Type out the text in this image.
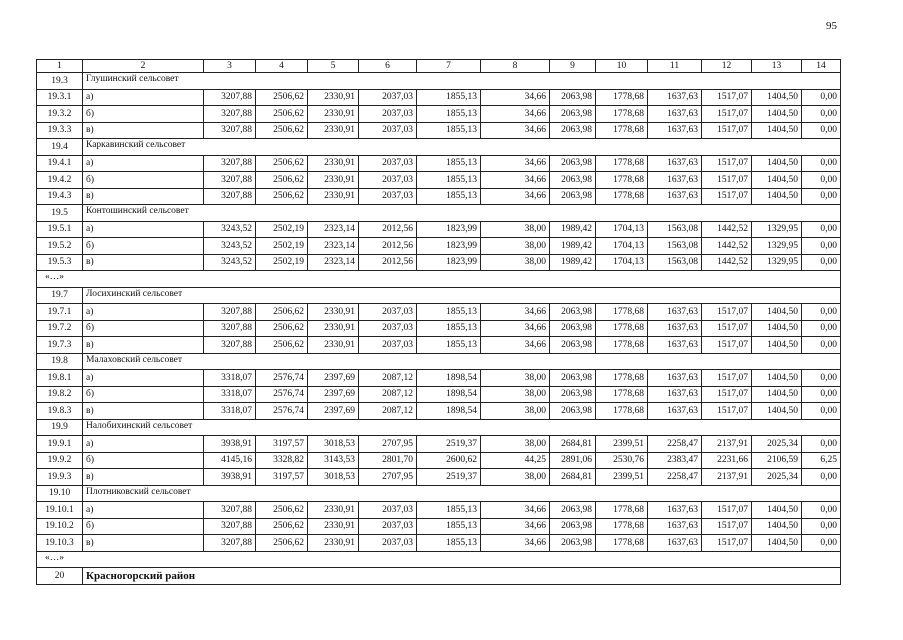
95
1	2	3	4	5	6	7	8	9	10	11	12	13	14
19.3	Глушинский сельсовет												
19.3.1	а)	3207,88	2506,62	2330,91	2037,03	1855,13	34,66	2063,98	1778,68	1637,63	1517,07	1404,50	0,00
19.3.2	б)	3207,88	2506,62	2330,91	2037,03	1855,13	34,66	2063,98	1778,68	1637,63	1517,07	1404,50	0,00
19.3.3	в)	3207,88	2506,62	2330,91	2037,03	1855,13	34,66	2063,98	1778,68	1637,63	1517,07	1404,50	0,00
19.4	Каркавинский сельсовет												
19.4.1	а)	3207,88	2506,62	2330,91	2037,03	1855,13	34,66	2063,98	1778,68	1637,63	1517,07	1404,50	0,00
19.4.2	б)	3207,88	2506,62	2330,91	2037,03	1855,13	34,66	2063,98	1778,68	1637,63	1517,07	1404,50	0,00
19.4.3	в)	3207,88	2506,62	2330,91	2037,03	1855,13	34,66	2063,98	1778,68	1637,63	1517,07	1404,50	0,00
19.5	Контошинский сельсовет												
19.5.1	а)	3243,52	2502,19	2323,14	2012,56	1823,99	38,00	1989,42	1704,13	1563,08	1442,52	1329,95	0,00
19.5.2	б)	3243,52	2502,19	2323,14	2012,56	1823,99	38,00	1989,42	1704,13	1563,08	1442,52	1329,95	0,00
19.5.3	в)	3243,52	2502,19	2323,14	2012,56	1823,99	38,00	1989,42	1704,13	1563,08	1442,52	1329,95	0,00
«…»													
19.7	Лосихинский сельсовет												
19.7.1	а)	3207,88	2506,62	2330,91	2037,03	1855,13	34,66	2063,98	1778,68	1637,63	1517,07	1404,50	0,00
19.7.2	б)	3207,88	2506,62	2330,91	2037,03	1855,13	34,66	2063,98	1778,68	1637,63	1517,07	1404,50	0,00
19.7.3	в)	3207,88	2506,62	2330,91	2037,03	1855,13	34,66	2063,98	1778,68	1637,63	1517,07	1404,50	0,00
19.8	Малаховский сельсовет												
19.8.1	а)	3318,07	2576,74	2397,69	2087,12	1898,54	38,00	2063,98	1778,68	1637,63	1517,07	1404,50	0,00
19.8.2	б)	3318,07	2576,74	2397,69	2087,12	1898,54	38,00	2063,98	1778,68	1637,63	1517,07	1404,50	0,00
19.8.3	в)	3318,07	2576,74	2397,69	2087,12	1898,54	38,00	2063,98	1778,68	1637,63	1517,07	1404,50	0,00
19.9	Налобихинский сельсовет												
19.9.1	а)	3938,91	3197,57	3018,53	2707,95	2519,37	38,00	2684,81	2399,51	2258,47	2137,91	2025,34	0,00
19.9.2	б)	4145,16	3328,82	3143,53	2801,70	2600,62	44,25	2891,06	2530,76	2383,47	2231,66	2106,59	6,25
19.9.3	в)	3938,91	3197,57	3018,53	2707,95	2519,37	38,00	2684,81	2399,51	2258,47	2137,91	2025,34	0,00
19.10	Плотниковский сельсовет												
19.10.1	а)	3207,88	2506,62	2330,91	2037,03	1855,13	34,66	2063,98	1778,68	1637,63	1517,07	1404,50	0,00
19.10.2	б)	3207,88	2506,62	2330,91	2037,03	1855,13	34,66	2063,98	1778,68	1637,63	1517,07	1404,50	0,00
19.10.3	в)	3207,88	2506,62	2330,91	2037,03	1855,13	34,66	2063,98	1778,68	1637,63	1517,07	1404,50	0,00
«…»													
20	Красногорский район												
